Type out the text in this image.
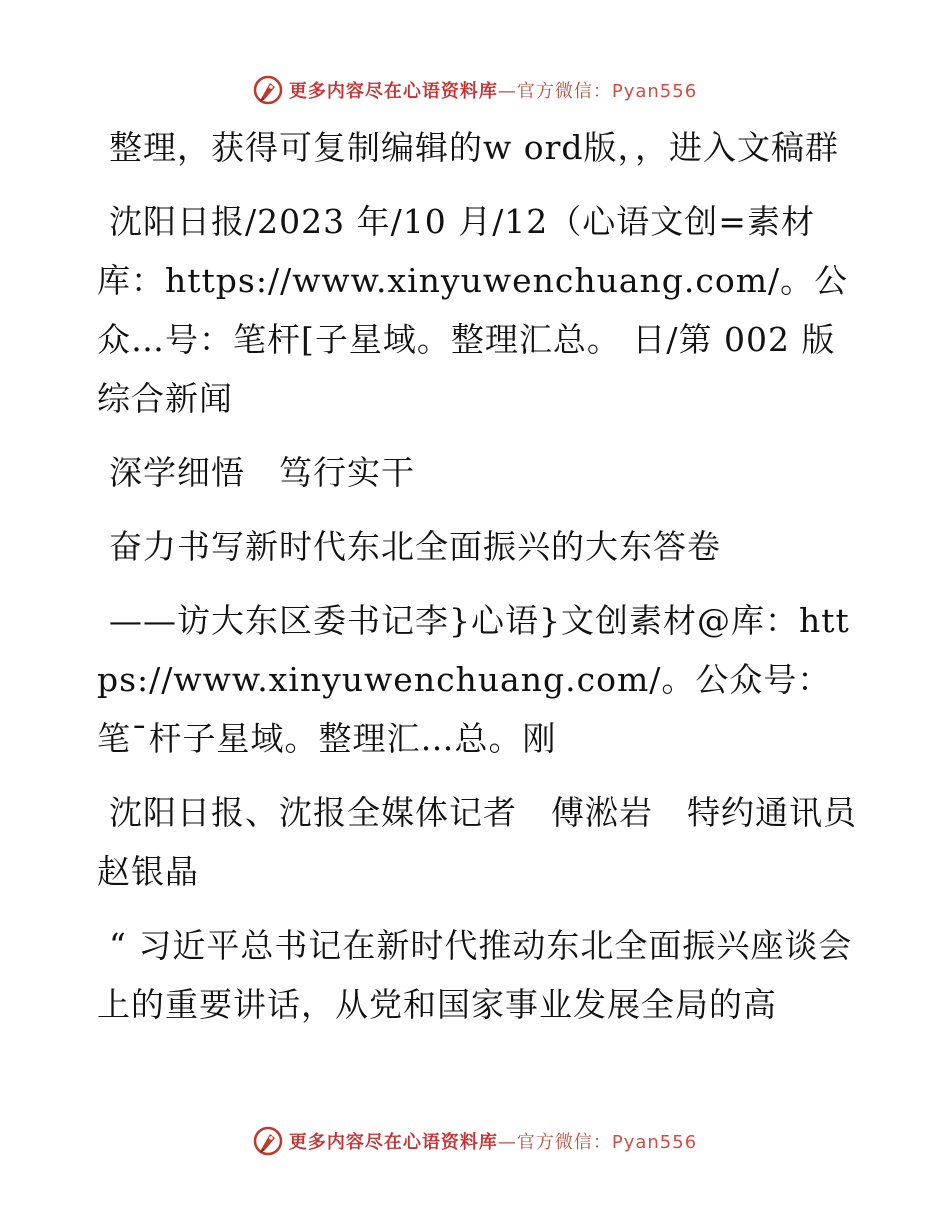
更多内容尽在心语资料库—官方微信：Pyan556

整理，获得可复制编辑的w ord版，，进入文稿群

沈阳日报/2023 年/10 月/12（心语文创=素材库：https://www.xinyuwenchuang.com/。公众…号：笔杆[子星域。整理汇总。 日/第 002 版综合新闻

深学细悟　笃行实干

奋力书写新时代东北全面振兴的大东答卷

——访大东区委书记李}心语}文创素材@库：https://www.xinyuwenchuang.com/。公众号：笔¯杆子星域。整理汇…总。刚

沈阳日报、沈报全媒体记者　傅淞岩　特约通讯员　赵银晶

“ 习近平总书记在新时代推动东北全面振兴座谈会上的重要讲话，从党和国家事业发展全局的高

更多内容尽在心语资料库—官方微信：Pyan556
